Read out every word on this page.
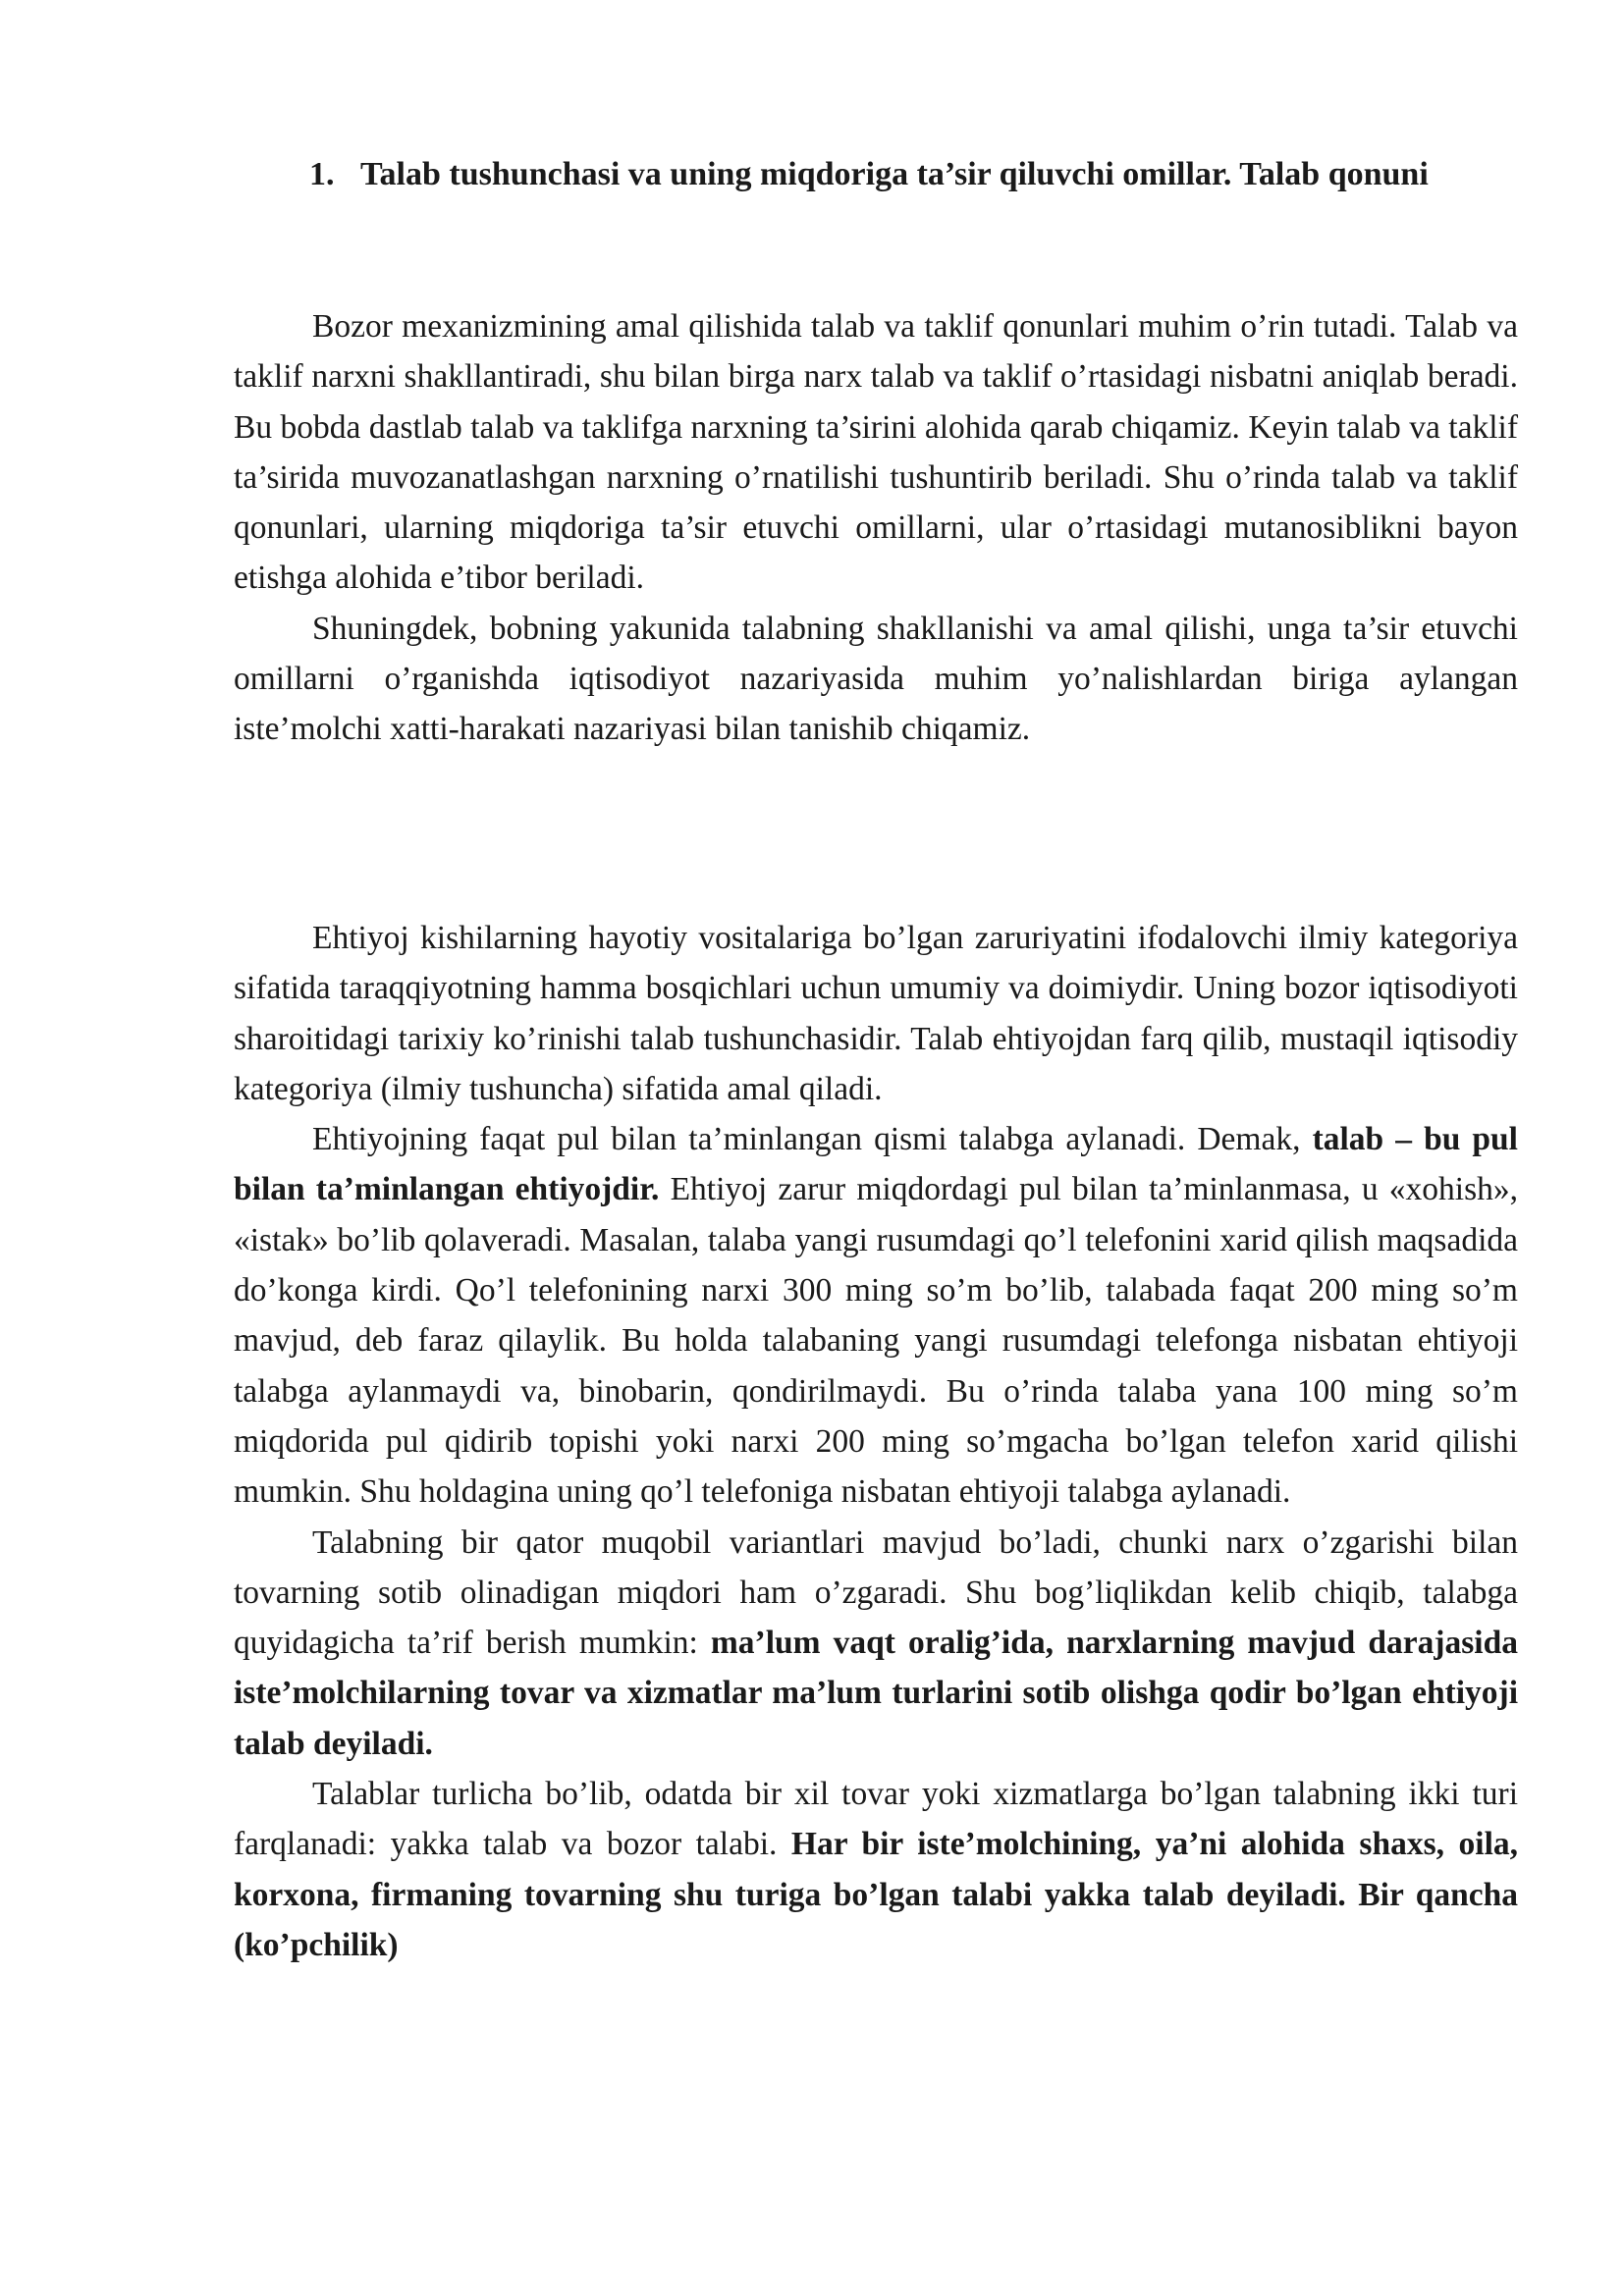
1. Talab tushunchasi va uning miqdoriga ta’sir qiluvchi omillar. Talab qonuni

Bozor mexanizmining amal qilishida talab va taklif qonunlari muhim o’rin tutadi. Talab va taklif narxni shakllantiradi, shu bilan birga narx talab va taklif o’rtasidagi nisbatni aniqlab beradi. Bu bobda dastlab talab va taklifga narxning ta’sirini alohida qarab chiqamiz. Keyin talab va taklif ta’sirida muvozanatlashgan narxning o’rnatilishi tushuntirib beriladi. Shu o’rinda talab va taklif qonunlari, ularning miqdoriga ta’sir etuvchi omillarni, ular o’rtasidagi mutanosiblikni bayon etishga alohida e’tibor beriladi.

Shuningdek, bobning yakunida talabning shakllanishi va amal qilishi, unga ta’sir etuvchi omillarni o’rganishda iqtisodiyot nazariyasida muhim yo’nalishlardan biriga aylangan iste’molchi xatti-harakati nazariyasi bilan tanishib chiqamiz.

Ehtiyoj kishilarning hayotiy vositalariga bo’lgan zaruriyatini ifodalovchi ilmiy kategoriya sifatida taraqqiyotning hamma bosqichlari uchun umumiy va doimiydir. Uning bozor iqtisodiyoti sharoitidagi tarixiy ko’rinishi talab tushunchasidir. Talab ehtiyojdan farq qilib, mustaqil iqtisodiy kategoriya (ilmiy tushuncha) sifatida amal qiladi.

Ehtiyojning faqat pul bilan ta’minlangan qismi talabga aylanadi. Demak, talab – bu pul bilan ta’minlangan ehtiyojdir. Ehtiyoj zarur miqdordagi pul bilan ta’minlanmasa, u «xohish», «istak» bo’lib qolaveradi. Masalan, talaba yangi rusumdagi qo’l telefonini xarid qilish maqsadida do’konga kirdi. Qo’l telefonining narxi 300 ming so’m bo’lib, talabada faqat 200 ming so’m mavjud, deb faraz qilaylik. Bu holda talabaning yangi rusumdagi telefonga nisbatan ehtiyoji talabga aylanmaydi va, binobarin, qondirilmaydi. Bu o’rinda talaba yana 100 ming so’m miqdorida pul qidirib topishi yoki narxi 200 ming so’mgacha bo’lgan telefon xarid qilishi mumkin. Shu holdagina uning qo’l telefoniga nisbatan ehtiyoji talabga aylanadi.

Talabning bir qator muqobil variantlari mavjud bo’ladi, chunki narx o’zgarishi bilan tovarning sotib olinadigan miqdori ham o’zgaradi. Shu bog’liqlikdan kelib chiqib, talabga quyidagicha ta’rif berish mumkin: ma’lum vaqt oralig’ida, narxlarning mavjud darajasida iste’molchilarning tovar va xizmatlar ma’lum turlarini sotib olishga qodir bo’lgan ehtiyoji talab deyiladi.

Talablar turlicha bo’lib, odatda bir xil tovar yoki xizmatlarga bo’lgan talabning ikki turi farqlanadi: yakka talab va bozor talabi. Har bir iste’molchining, ya’ni alohida shaxs, oila, korxona, firmaning tovarning shu turiga bo’lgan talabi yakka talab deyiladi. Bir qancha (ko’pchilik)
